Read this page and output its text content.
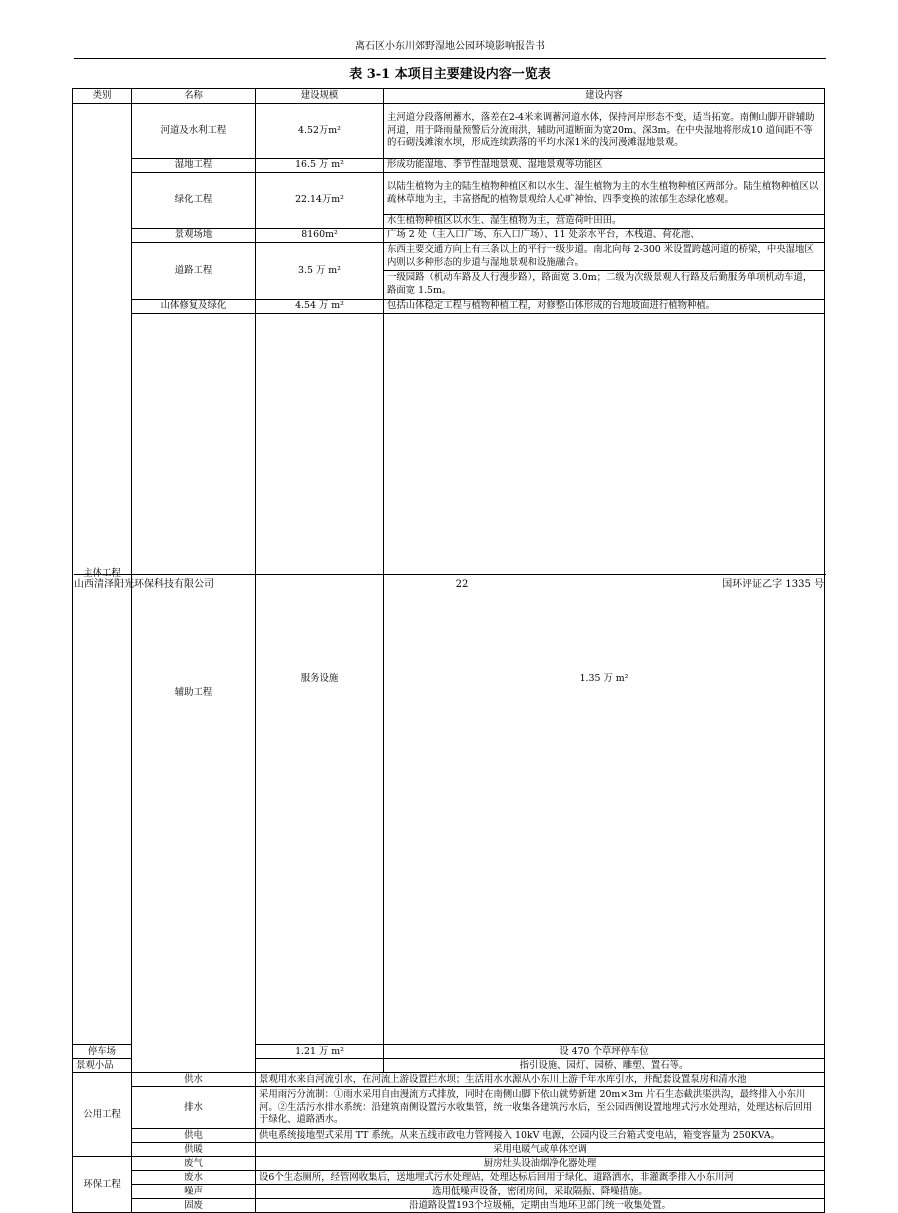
离石区小东川郊野湿地公园环境影响报告书
表 3-1 本项目主要建设内容一览表
类别	名称	建设规模	建设内容	
主体工程	河道及水利工程	4.52万m²	主河道分段落闸蓄水，落差在2-4米来调蓄河道水体，保持河岸形态不变，适当拓宽。南侧山脚开辟辅助河道，用于降雨量预警后分流雨洪，辅助河道断面为宽20m、深3m。在中央湿地将形成10 道间距不等的石砌浅滩滚水坝，形成连续跌落的平均水深1米的浅河漫滩湿地景观。	
	湿地工程	16.5 万 m²	形成功能湿地、季节性湿地景观、湿地景观等功能区	
	绿化工程	22.14万m²	以陆生植物为主的陆生植物种植区和以水生、湿生植物为主的水生植物种植区两部分。陆生植物种植区以疏林草地为主，丰富搭配的植物景观给人心旷神怡、四季变换的浓郁生态绿化感观。	
			水生植物种植区以水生、湿生植物为主，营造荷叶田田。	
	景观场地	8160m²	广场 2 处（主入口广场、东入口广场）、11 处亲水平台，木栈道、荷花池、	
	道路工程	3.5 万 m²	东西主要交通方向上有三条以上的平行一级步道。南北向每 2-300 米设置跨越河道的桥梁，中央湿地区内则以多种形态的步道与湿地景观和设施融合。	
			一级园路（机动车路及人行漫步路），路面宽 3.0m；二级为次级景观人行路及后勤服务单项机动车道，路面宽 1.5m。	
	山体修复及绿化	4.54 万 m²	包括山体稳定工程与植物种植工程，对修整山体形成的台地坡面进行植物种植。	
	辅助工程	服务设施	1.35 万 m²	

停车场		1.21 万 m²	设 470 个草坪停车位	
景观小品			指引设施、园灯、园桥、雕塑、置石等。	
公用工程	供水	景观用水来自河流引水，在河流上游设置拦水坝；生活用水水源从小东川上游千年水库引水，并配套设置泵房和清水池		
	排水	采用雨污分流制：①雨水采用自由漫流方式排放，同时在南侧山脚下依山就势新建 20m×3m 片石生态截洪渠洪沟，最终排入小东川河。②生活污水排水系统：沿建筑南侧设置污水收集管，统一收集各建筑污水后，至公园西侧设置地埋式污水处理站，处理达标后回用于绿化、道路洒水。		
	供电	供电系统接地型式采用 TT 系统。从来五线市政电力管网接入 10kV 电源，公园内设三台箱式变电站，箱变容量为 250KVA。		
	供暖	采用电暖气或单体空调		
环保工程	废气	厨房灶头设油烟净化器处理		
	废水	设6个生态厕所，经管网收集后，送地埋式污水处理站，处理达标后回用于绿化、道路洒水，非灌溉季排入小东川河		
	噪声	选用低噪声设备，密闭房间，采取隔振、降噪措施。		
	固废	沿道路设置193个垃圾桶，定期由当地环卫部门统一收集处置。		
山西清泽阳光环保科技有限公司	22	国环评证乙字 1335 号
